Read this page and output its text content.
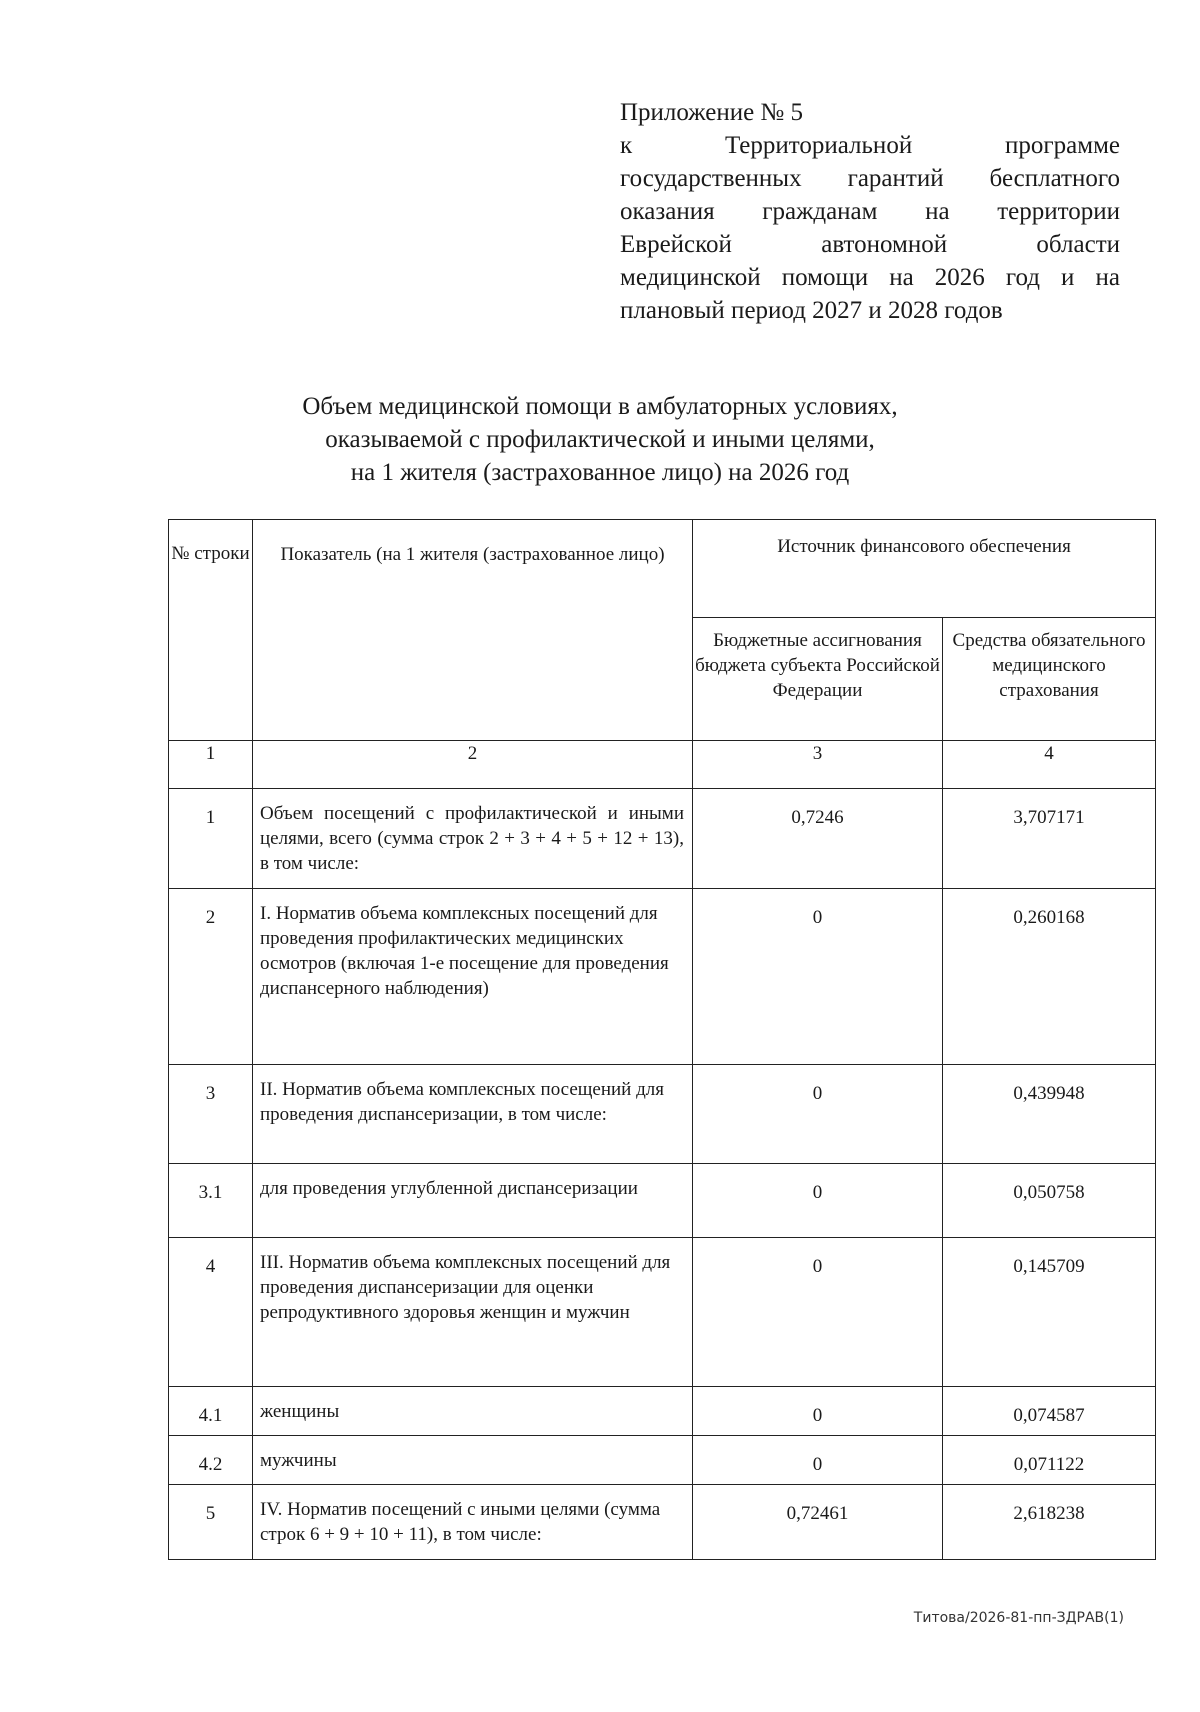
Приложение № 5
к Территориальной программе
государственных гарантий бесплатного
оказания гражданам на территории
Еврейской автономной области
медицинской помощи на 2026 год и на
плановый период 2027 и 2028 годов
Объем медицинской помощи в амбулаторных условиях,
оказываемой с профилактической и иными целями,
на 1 жителя (застрахованное лицо) на 2026 год
№ строки	Показатель (на 1 жителя (застрахованное лицо)	Источник финансового обеспечения	
		Бюджетные ассигнования бюджета субъекта Российской Федерации	Средства обязательного медицинского страхования
1	2	3	4
1	Объем посещений с профилактической и иными целями, всего (сумма строк 2 + 3 + 4 + 5 + 12 + 13), в том числе:	0,7246	3,707171
2	I. Норматив объема комплексных посещений для проведения профилактических медицинских осмотров (включая 1-е посещение для проведения диспансерного наблюдения)	0	0,260168
3	II. Норматив объема комплексных посещений для проведения диспансеризации, в том числе:	0	0,439948
3.1	для проведения углубленной диспансеризации	0	0,050758
4	III. Норматив объема комплексных посещений для проведения диспансеризации для оценки репродуктивного здоровья женщин и мужчин	0	0,145709
4.1	женщины	0	0,074587
4.2	мужчины	0	0,071122
5	IV. Норматив посещений с иными целями (сумма строк 6 + 9 + 10 + 11), в том числе:	0,72461	2,618238
Титова/2026-81-пп-ЗДРАВ(1)
